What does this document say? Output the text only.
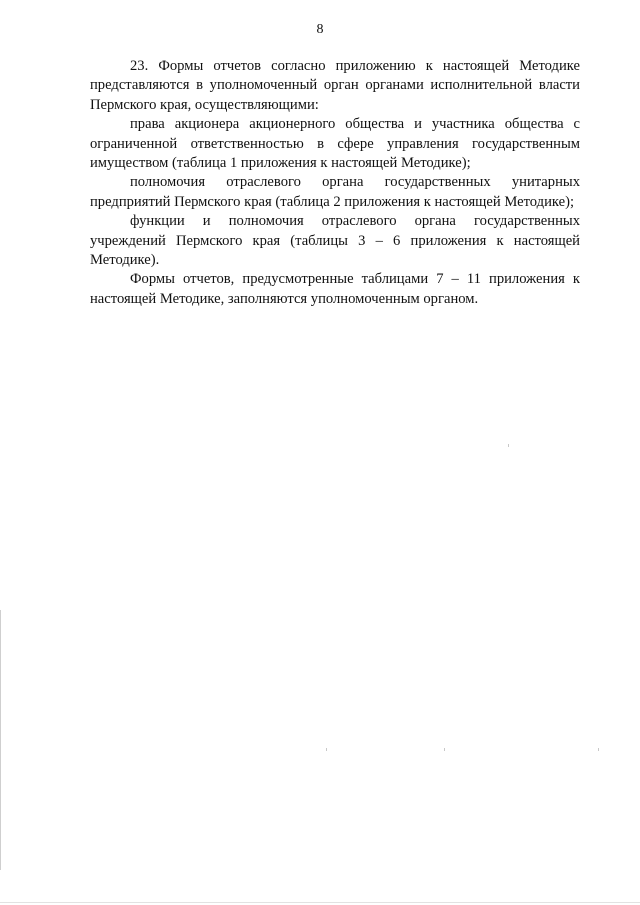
8

23. Формы отчетов согласно приложению к настоящей Методике представляются в уполномоченный орган органами исполнительной власти Пермского края, осуществляющими:

права акционера акционерного общества и участника общества с ограниченной ответственностью в сфере управления государственным имуществом (таблица 1 приложения к настоящей Методике);

полномочия отраслевого органа государственных унитарных предприятий Пермского края (таблица 2 приложения к настоящей Методике);

функции и полномочия отраслевого органа государственных учреждений Пермского края (таблицы 3 – 6 приложения к настоящей Методике).

Формы отчетов, предусмотренные таблицами 7 – 11 приложения к настоящей Методике, заполняются уполномоченным органом.
